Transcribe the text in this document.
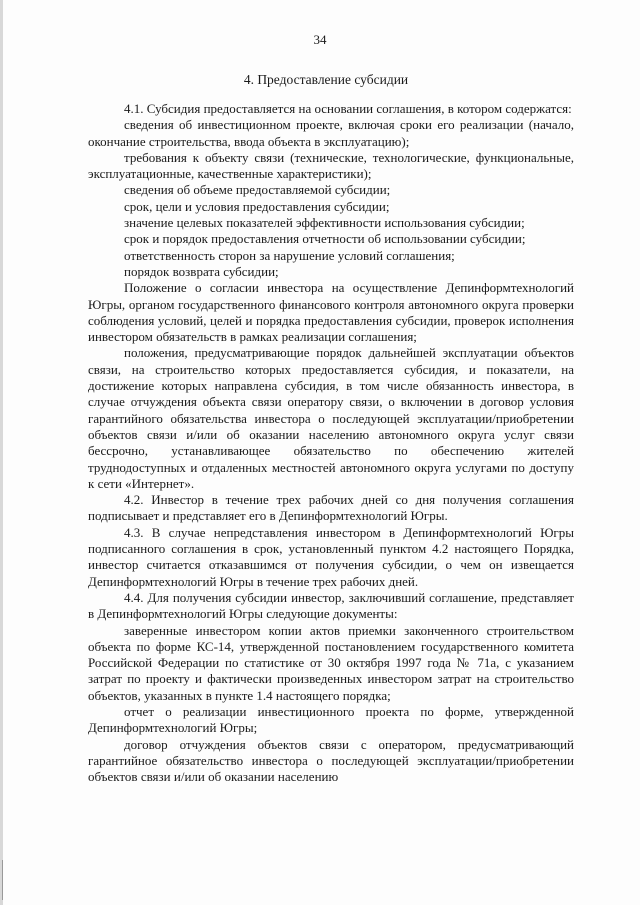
34
4. Предоставление субсидии

4.1. Субсидия предоставляется на основании соглашения, в котором содержатся:

сведения об инвестиционном проекте, включая сроки его реализации (начало, окончание строительства, ввода объекта в эксплуатацию);

требования к объекту связи (технические, технологические, функциональные, эксплуатационные, качественные характеристики);

сведения об объеме предоставляемой субсидии;

срок, цели и условия предоставления субсидии;

значение целевых показателей эффективности использования субсидии;

срок и порядок предоставления отчетности об использовании субсидии;

ответственность сторон за нарушение условий соглашения;

порядок возврата субсидии;

Положение о согласии инвестора на осуществление Депинформтехнологий Югры, органом государственного финансового контроля автономного округа проверки соблюдения условий, целей и порядка предоставления субсидии, проверок исполнения инвестором обязательств в рамках реализации соглашения;

положения, предусматривающие порядок дальнейшей эксплуатации объектов связи, на строительство которых предоставляется субсидия, и показатели, на достижение которых направлена субсидия, в том числе обязанность инвестора, в случае отчуждения объекта связи оператору связи, о включении в договор условия гарантийного обязательства инвестора о последующей эксплуатации/приобретении объектов связи и/или об оказании населению автономного округа услуг связи бессрочно, устанавливающее обязательство по обеспечению жителей труднодоступных и отдаленных местностей автономного округа услугами по доступу к сети «Интернет».

4.2. Инвестор в течение трех рабочих дней со дня получения соглашения подписывает и представляет его в Депинформтехнологий Югры.

4.3. В случае непредставления инвестором в Депинформтехнологий Югры подписанного соглашения в срок, установленный пунктом 4.2 настоящего Порядка, инвестор считается отказавшимся от получения субсидии, о чем он извещается Депинформтехнологий Югры в течение трех рабочих дней.

4.4. Для получения субсидии инвестор, заключивший соглашение, представляет в Депинформтехнологий Югры следующие документы:

заверенные инвестором копии актов приемки законченного строительством объекта по форме КС-14, утвержденной постановлением государственного комитета Российской Федерации по статистике от 30 октября 1997 года № 71а, с указанием затрат по проекту и фактически произведенных инвестором затрат на строительство объектов, указанных в пункте 1.4 настоящего порядка;

отчет о реализации инвестиционного проекта по форме, утвержденной Депинформтехнологий Югры;

договор отчуждения объектов связи с оператором, предусматривающий гарантийное обязательство инвестора о последующей эксплуатации/приобретении объектов связи и/или об оказании населению
